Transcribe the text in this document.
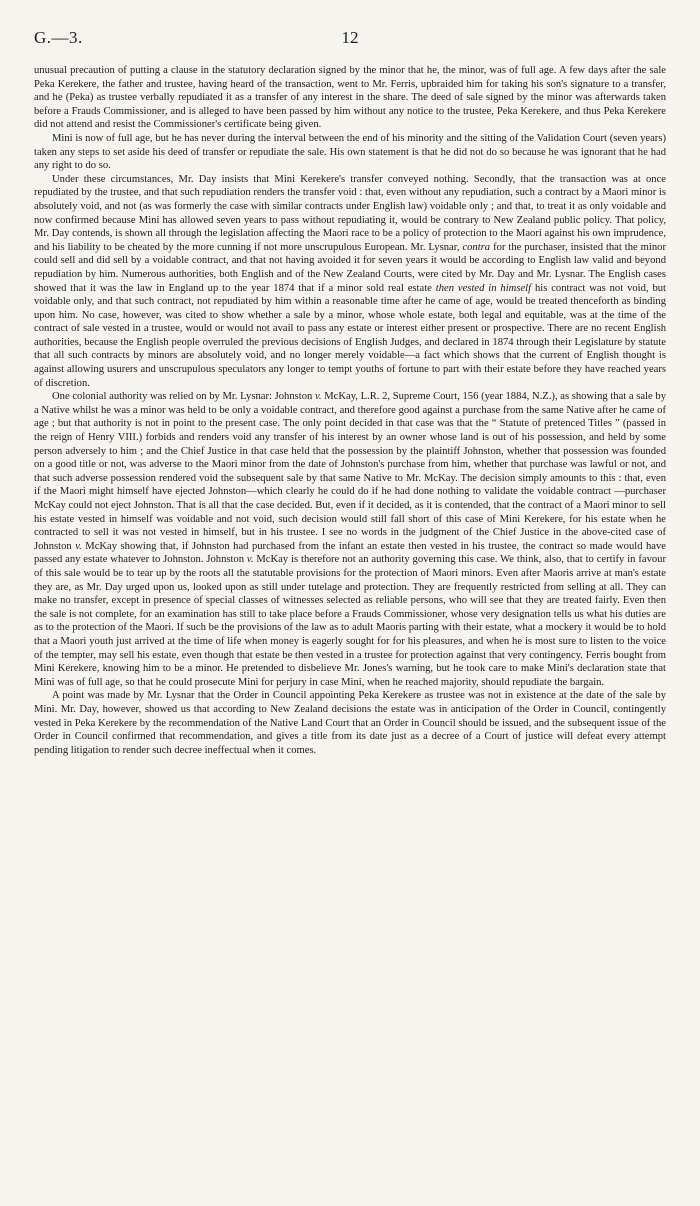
G.—3.	12

unusual precaution of putting a clause in the statutory declaration signed by the minor that he, the minor, was of full age. A few days after the sale Peka Kerekere, the father and trustee, having heard of the transaction, went to Mr. Ferris, upbraided him for taking his son's signature to a transfer, and he (Peka) as trustee verbally repudiated it as a transfer of any interest in the share. The deed of sale signed by the minor was afterwards taken before a Frauds Commissioner, and is alleged to have been passed by him without any notice to the trustee, Peka Kerekere, and thus Peka Kerekere did not attend and resist the Commissioner's certificate being given.

Mini is now of full age, but he has never during the interval between the end of his minority and the sitting of the Validation Court (seven years) taken any steps to set aside his deed of transfer or repudiate the sale. His own statement is that he did not do so because he was ignorant that he had any right to do so.

Under these circumstances, Mr. Day insists that Mini Kerekere's transfer conveyed nothing. Secondly, that the transaction was at once repudiated by the trustee, and that such repudiation renders the transfer void : that, even without any repudiation, such a contract by a Maori minor is absolutely void, and not (as was formerly the case with similar contracts under English law) voidable only ; and that, to treat it as only voidable and now confirmed because Mini has allowed seven years to pass without repudiating it, would be contrary to New Zealand public policy. That policy, Mr. Day contends, is shown all through the legislation affecting the Maori race to be a policy of protection to the Maori against his own imprudence, and his liability to be cheated by the more cunning if not more unscrupulous European. Mr. Lysnar, contra for the purchaser, insisted that the minor could sell and did sell by a voidable contract, and that not having avoided it for seven years it would be according to English law valid and beyond repudiation by him. Numerous authorities, both English and of the New Zealand Courts, were cited by Mr. Day and Mr. Lysnar. The English cases showed that it was the law in England up to the year 1874 that if a minor sold real estate then vested in himself his contract was not void, but voidable only, and that such contract, not repudiated by him within a reasonable time after he came of age, would be treated thenceforth as binding upon him. No case, however, was cited to show whether a sale by a minor, whose whole estate, both legal and equitable, was at the time of the contract of sale vested in a trustee, would or would not avail to pass any estate or interest either present or prospective. There are no recent English authorities, because the English people overruled the previous decisions of English Judges, and declared in 1874 through their Legislature by statute that all such contracts by minors are absolutely void, and no longer merely voidable—a fact which shows that the current of English thought is against allowing usurers and unscrupulous speculators any longer to tempt youths of fortune to part with their estate before they have reached years of discretion.

One colonial authority was relied on by Mr. Lysnar: Johnston v. McKay, L.R. 2, Supreme Court, 156 (year 1884, N.Z.), as showing that a sale by a Native whilst he was a minor was held to be only a voidable contract, and therefore good against a purchase from the same Native after he came of age ; but that authority is not in point to the present case. The only point decided in that case was that the “ Statute of pretenced Titles ” (passed in the reign of Henry VIII.) forbids and renders void any transfer of his interest by an owner whose land is out of his possession, and held by some person adversely to him ; and the Chief Justice in that case held that the possession by the plaintiff Johnston, whether that possession was founded on a good title or not, was adverse to the Maori minor from the date of Johnston's purchase from him, whether that purchase was lawful or not, and that such adverse possession rendered void the subsequent sale by that same Native to Mr. McKay. The decision simply amounts to this : that, even if the Maori might himself have ejected Johnston—which clearly he could do if he had done nothing to validate the voidable contract —purchaser McKay could not eject Johnston. That is all that the case decided. But, even if it decided, as it is contended, that the contract of a Maori minor to sell his estate vested in himself was voidable and not void, such decision would still fall short of this case of Mini Kerekere, for his estate when he contracted to sell it was not vested in himself, but in his trustee. I see no words in the judgment of the Chief Justice in the above-cited case of Johnston v. McKay showing that, if Johnston had purchased from the infant an estate then vested in his trustee, the contract so made would have passed any estate whatever to Johnston. Johnston v. McKay is therefore not an authority governing this case. We think, also, that to certify in favour of this sale would be to tear up by the roots all the statutable provisions for the protection of Maori minors. Even after Maoris arrive at man's estate they are, as Mr. Day urged upon us, looked upon as still under tutelage and protection. They are frequently restricted from selling at all. They can make no transfer, except in presence of special classes of witnesses selected as reliable persons, who will see that they are treated fairly. Even then the sale is not complete, for an examination has still to take place before a Frauds Commissioner, whose very designation tells us what his duties are as to the protection of the Maori. If such be the provisions of the law as to adult Maoris parting with their estate, what a mockery it would be to hold that a Maori youth just arrived at the time of life when money is eagerly sought for for his pleasures, and when he is most sure to listen to the voice of the tempter, may sell his estate, even though that estate be then vested in a trustee for protection against that very contingency. Ferris bought from Mini Kerekere, knowing him to be a minor. He pretended to disbelieve Mr. Jones's warning, but he took care to make Mini's declaration state that Mini was of full age, so that he could prosecute Mini for perjury in case Mini, when he reached majority, should repudiate the bargain.

A point was made by Mr. Lysnar that the Order in Council appointing Peka Kerekere as trustee was not in existence at the date of the sale by Mini. Mr. Day, however, showed us that according to New Zealand decisions the estate was in anticipation of the Order in Council, contingently vested in Peka Kerekere by the recommendation of the Native Land Court that an Order in Council should be issued, and the subsequent issue of the Order in Council confirmed that recommendation, and gives a title from its date just as a decree of a Court of justice will defeat every attempt pending litigation to render such decree ineffectual when it comes.
